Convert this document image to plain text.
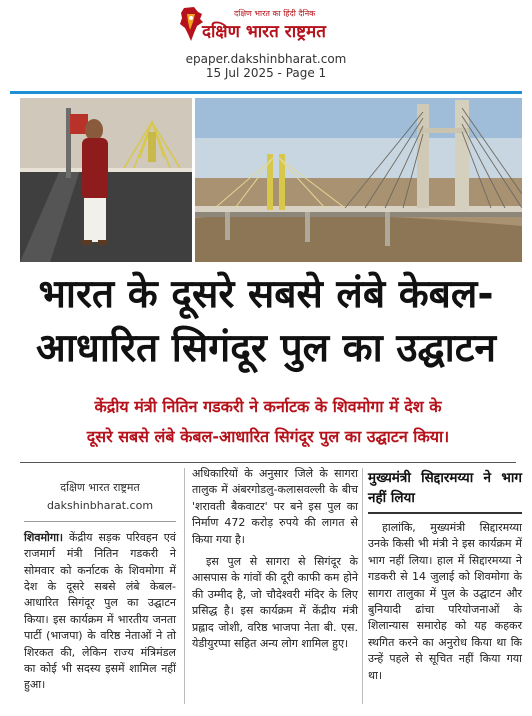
दक्षिण भारत का हिंदी दैनिक
दक्षिण भारत राष्ट्रमत
epaper.dakshinbharat.com
15 Jul 2025 - Page 1
भारत के दूसरे सबसे लंबे केबल-
आधारित सिगंदूर पुल का उद्घाटन
केंद्रीय मंत्री नितिन गडकरी ने कर्नाटक के शिवमोगा में देश के
दूसरे सबसे लंबे केबल-आधारित सिगंदूर पुल का उद्घाटन किया।
दक्षिण भारत राष्ट्रमत
dakshinbharat.com

शिवमोगा। केंद्रीय सड़क परिवहन एवं राजमार्ग मंत्री नितिन गडकरी ने सोमवार को कर्नाटक के शिवमोगा में देश के दूसरे सबसे लंबे केबल-आधारित सिगंदूर पुल का उद्घाटन किया। इस कार्यक्रम में भारतीय जनता पार्टी (भाजपा) के वरिष्ठ नेताओं ने तो शिरकत की, लेकिन राज्य मंत्रिमंडल का कोई भी सदस्य इसमें शामिल नहीं हुआ।

अधिकारियों के अनुसार जिले के सागरा तालुक में अंबरगोडलु-कलासवल्ली के बीच 'शरावती बैकवाटर' पर बने इस पुल का निर्माण 472 करोड़ रुपये की लागत से किया गया है।

इस पुल से सागरा से सिगंदूर के आसपास के गांवों की दूरी काफी कम होने की उम्मीद है, जो चौदेश्वरी मंदिर के लिए प्रसिद्ध है। इस कार्यक्रम में केंद्रीय मंत्री प्रह्लाद जोशी, वरिष्ठ भाजपा नेता बी. एस. येडीयुरप्पा सहित अन्य लोग शामिल हुए।

मुख्यमंत्री सिद्दारमय्या ने भाग नहीं लिया

हालांकि, मुख्यमंत्री सिद्दारमय्या उनके किसी भी मंत्री ने इस कार्यक्रम में भाग नहीं लिया। हाल में सिद्दारमय्या ने गडकरी से 14 जुलाई को शिवमोगा के सागरा तालुका में पुल के उद्घाटन और बुनियादी ढांचा परियोजनाओं के शिलान्यास समारोह को यह कहकर स्थगित करने का अनुरोध किया था कि उन्हें पहले से सूचित नहीं किया गया था।
